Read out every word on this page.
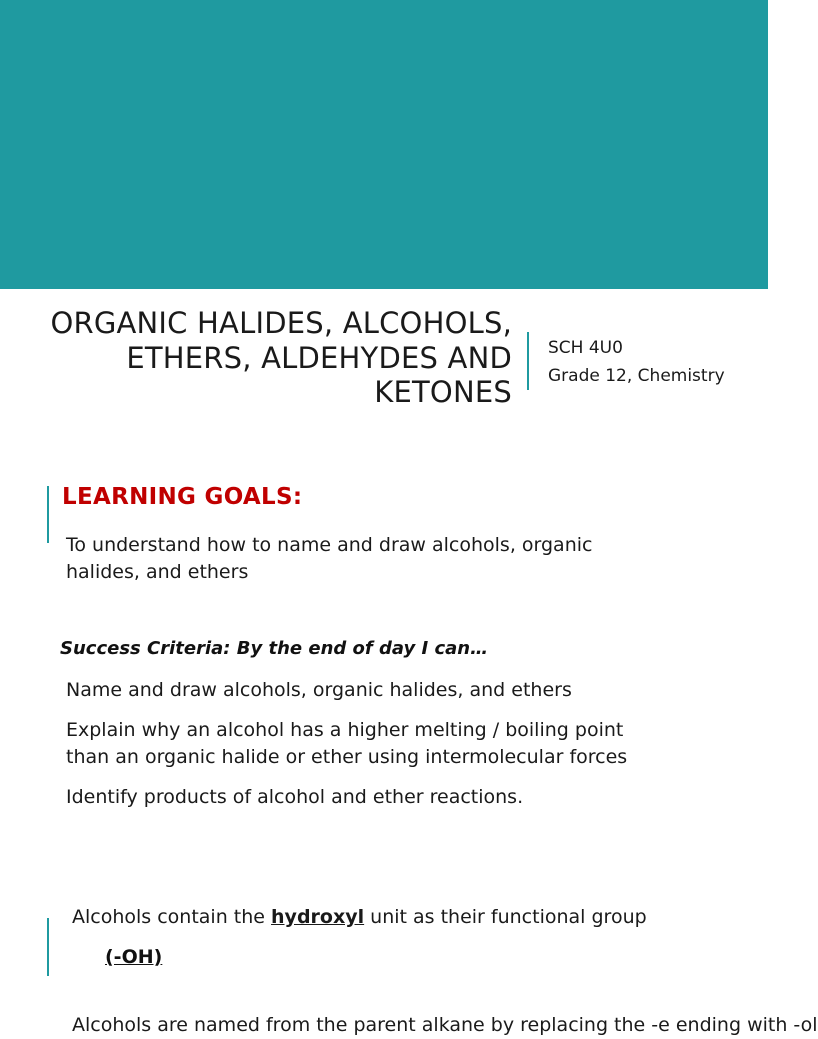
ORGANIC HALIDES, ALCOHOLS,
ETHERS, ALDEHYDES AND
KETONES
SCH 4U0
Grade 12, Chemistry
LEARNING GOALS:
To understand how to name and draw alcohols, organic
halides, and ethers
Success Criteria: By the end of day I can…
Name and draw alcohols, organic halides, and ethers
Explain why an alcohol has a higher melting / boiling point
than an organic halide or ether using intermolecular forces
Identify products of alcohol and ether reactions.
Alcohols contain the hydroxyl unit as their functional group
(-OH)
Alcohols are named from the parent alkane by replacing the -e ending with -ol
